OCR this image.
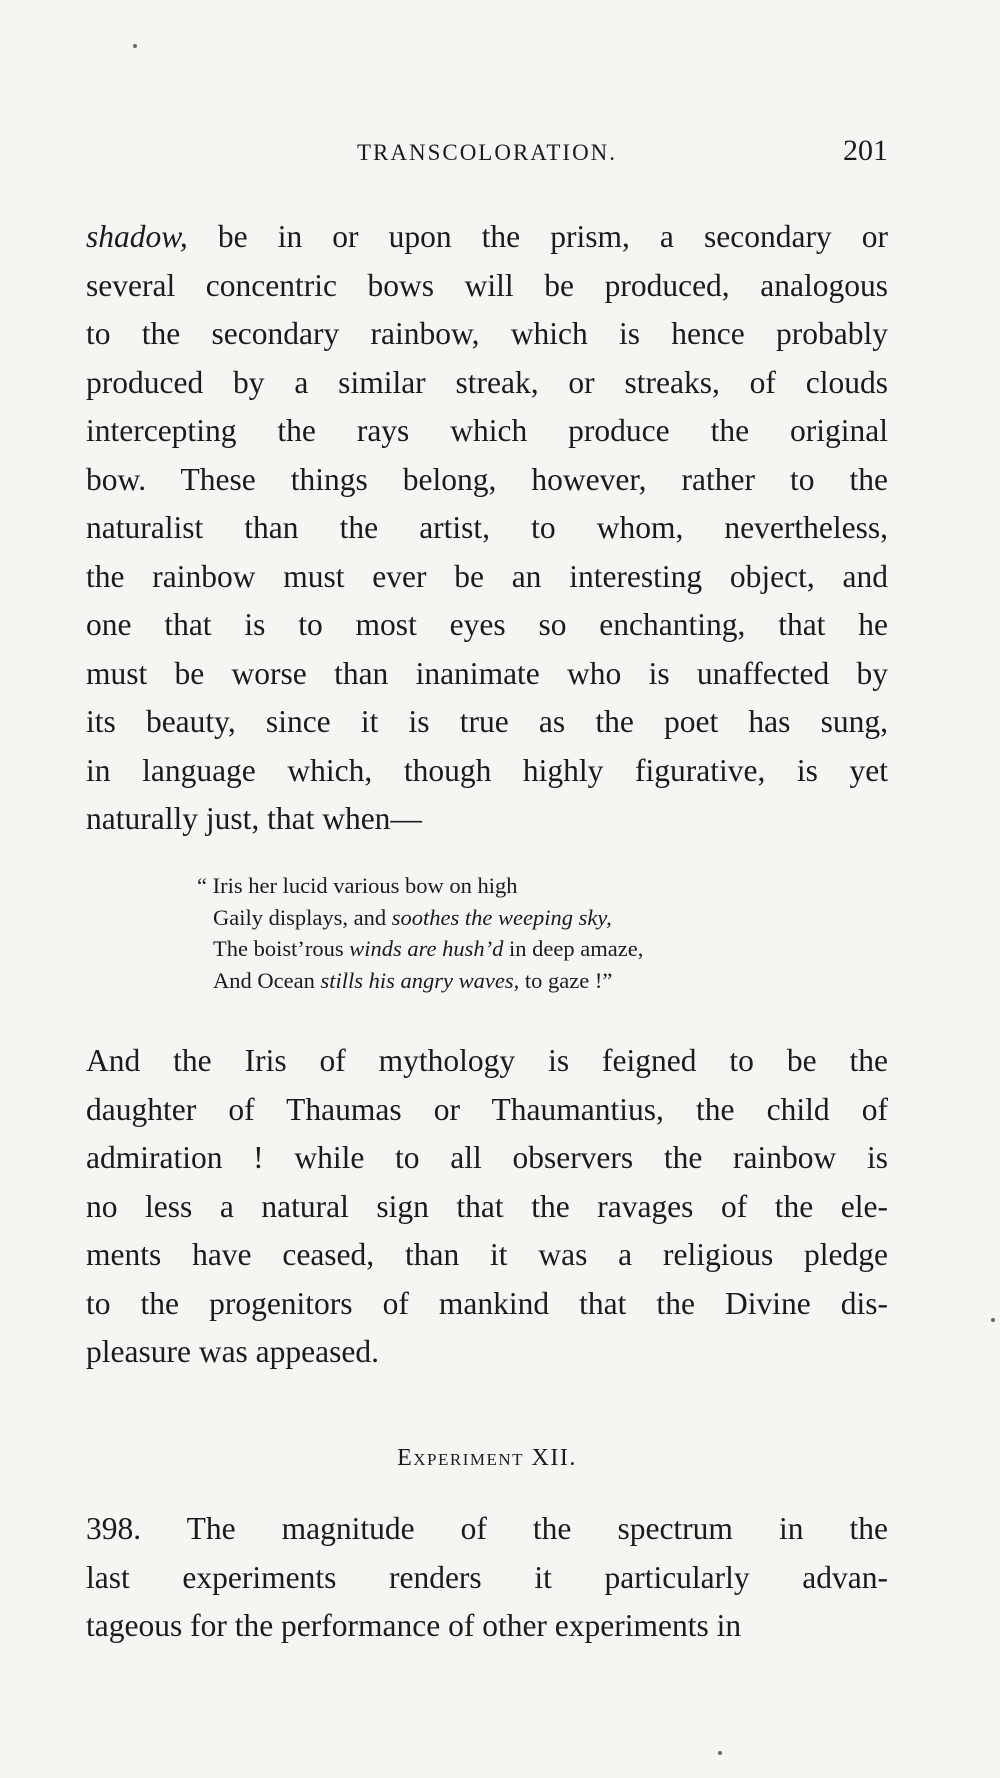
TRANSCOLORATION.	201
shadow, be in or upon the prism, a secondary or
several concentric bows will be produced, analogous
to the secondary rainbow, which is hence probably
produced by a similar streak, or streaks, of clouds
intercepting the rays which produce the original
bow. These things belong, however, rather to the
naturalist than the artist, to whom, nevertheless,
the rainbow must ever be an interesting object, and
one that is to most eyes so enchanting, that he
must be worse than inanimate who is unaffected by
its beauty, since it is true as the poet has sung,
in language which, though highly figurative, is yet
naturally just, that when—
“ Iris her lucid various bow on high
Gaily displays, and soothes the weeping sky,
The boist’rous winds are hush’d in deep amaze,
And Ocean stills his angry waves, to gaze !”
And the Iris of mythology is feigned to be the
daughter of Thaumas or Thaumantius, the child of
admiration ! while to all observers the rainbow is
no less a natural sign that the ravages of the ele-
ments have ceased, than it was a religious pledge
to the progenitors of mankind that the Divine dis-
pleasure was appeased.
Experiment XII.
398. The magnitude of the spectrum in the
last experiments renders it particularly advan-
tageous for the performance of other experiments in
